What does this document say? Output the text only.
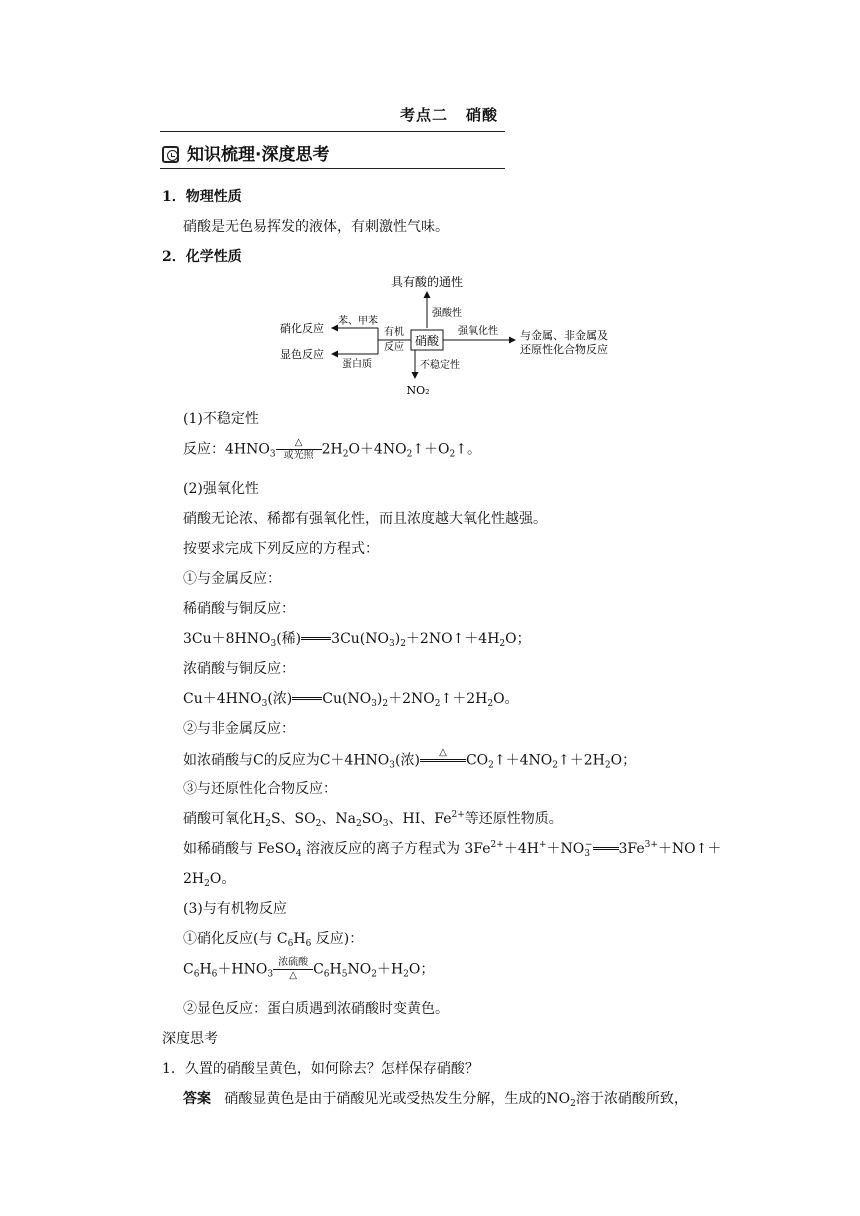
考点二 硝酸
知识梳理·深度思考
1．物理性质
硝酸是无色易挥发的液体，有刺激性气味。
2．化学性质
具有酸的通性
强酸性
硝酸
强氧化性 与金属、非金属及
还原性化合物反应
有机
反应
苯、甲苯
蛋白质
硝化反应
显色反应
不稳定性
NO₂
(1)不稳定性
反应：$4HNO_3$
△
或光照 $2H_2O+4NO_2↑+O_2↑$。
(2)强氧化性
硝酸无论浓、稀都有强氧化性，而且浓度越大氧化性越强。
按要求完成下列反应的方程式：
①与金属反应：
稀硝酸与铜反应：
$3Cu+8HNO_3$(稀) $3Cu(NO_3)_2+2NO↑+4H_2O$；
浓硝酸与铜反应：
$Cu+4HNO_3$(浓) $Cu(NO_3)_2+2NO_2↑+2H_2O$。
②与非金属反应：
如浓硝酸与C的反应为$C+4HNO_3$(浓)	△	$CO_2↑+4NO_2↑+2H_2O$；
③与还原性化合物反应：
硝酸可氧化$H_2S$、$SO_2$、$Na_2SO_3$、HI、$Fe^{2+}$等还原性物质。
如稀硝酸与 FeSO$_4$ 溶液反应的离子方程式为 $3Fe^{2+}+4H^++NO_3^-$ $3Fe^{3+}+NO↑+$
$2H_2O$。
(3)与有机物反应
①硝化反应(与 $C_6H_6$ 反应)：
$C_6H_6+HNO_3$
浓硫酸
△	$C_6H_5NO_2+H_2O$；
②显色反应：蛋白质遇到浓硝酸时变黄色。
深度思考
1．久置的硝酸呈黄色，如何除去？怎样保存硝酸？
答案 硝酸显黄色是由于硝酸见光或受热发生分解，生成的$NO_2$溶于浓硝酸所致，
